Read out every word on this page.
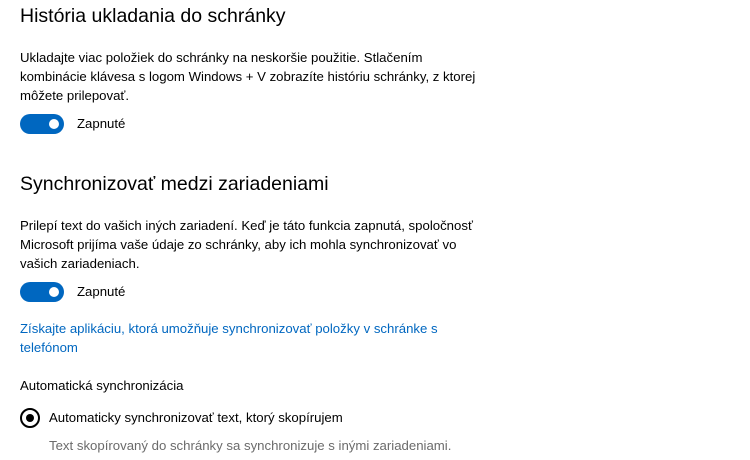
História ukladania do schránky

Ukladajte viac položiek do schránky na neskoršie použitie. Stlačením kombinácie klávesa s logom Windows + V zobrazíte históriu schránky, z ktorej môžete prilepovať.

Zapnuté
Synchronizovať medzi zariadeniami

Prilepí text do vašich iných zariadení. Keď je táto funkcia zapnutá, spoločnosť Microsoft prijíma vaše údaje zo schránky, aby ich mohla synchronizovať vo vašich zariadeniach.

Zapnuté
Získajte aplikáciu, ktorá umožňuje synchronizovať položky v schránke s telefónom
Automatická synchronizácia
Automaticky synchronizovať text, ktorý skopírujem
Text skopírovaný do schránky sa synchronizuje s inými zariadeniami.
